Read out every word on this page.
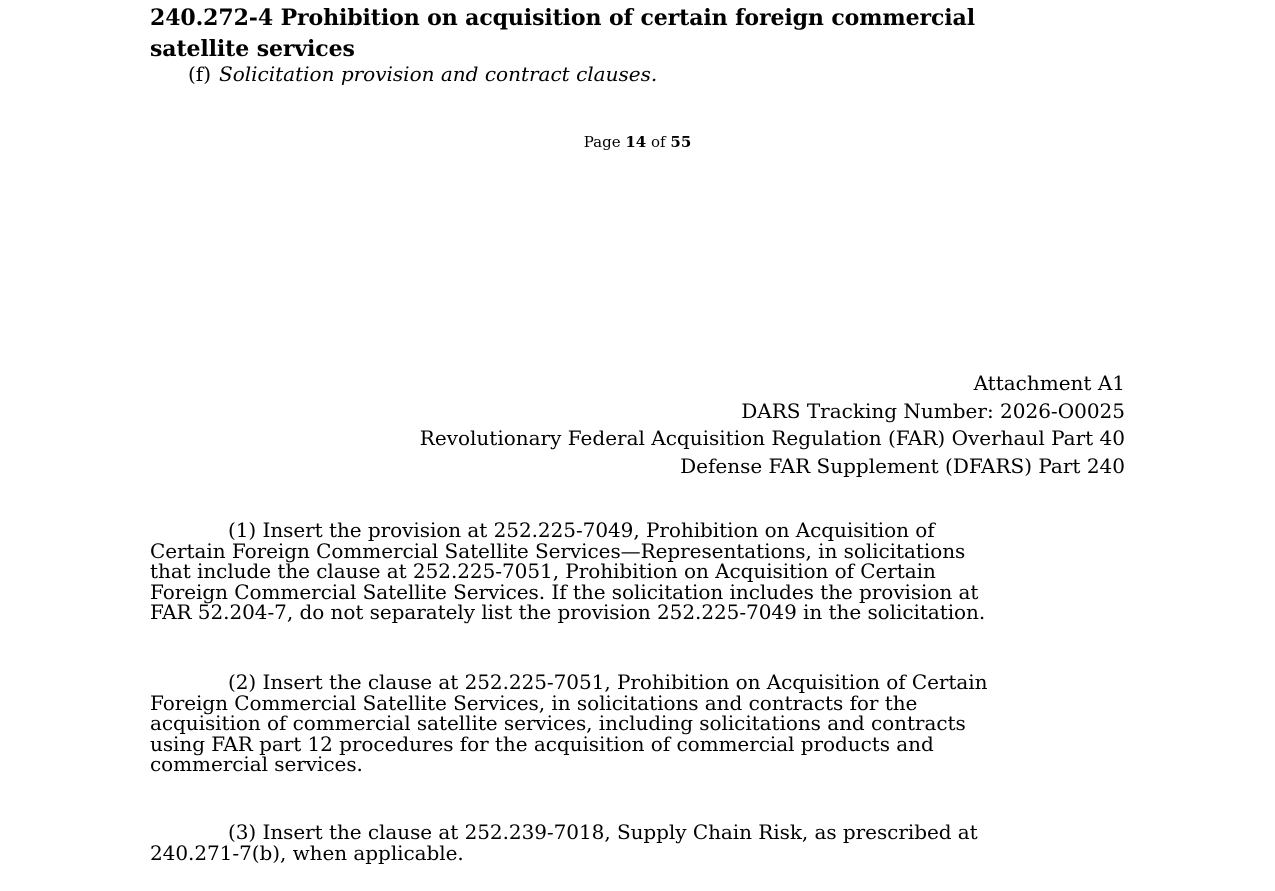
240.272-4 Prohibition on acquisition of certain foreign commercial
satellite services
(f) Solicitation provision and contract clauses.
Page 14 of 55
Attachment A1
DARS Tracking Number: 2026-O0025
Revolutionary Federal Acquisition Regulation (FAR) Overhaul Part 40
Defense FAR Supplement (DFARS) Part 240
(1) Insert the provision at 252.225-7049, Prohibition on Acquisition of
Certain Foreign Commercial Satellite Services—Representations, in solicitations
that include the clause at 252.225-7051, Prohibition on Acquisition of Certain
Foreign Commercial Satellite Services. If the solicitation includes the provision at
FAR 52.204-7, do not separately list the provision 252.225-7049 in the solicitation.
(2) Insert the clause at 252.225-7051, Prohibition on Acquisition of Certain
Foreign Commercial Satellite Services, in solicitations and contracts for the
acquisition of commercial satellite services, including solicitations and contracts
using FAR part 12 procedures for the acquisition of commercial products and
commercial services.
(3) Insert the clause at 252.239-7018, Supply Chain Risk, as prescribed at
240.271-7(b), when applicable.
